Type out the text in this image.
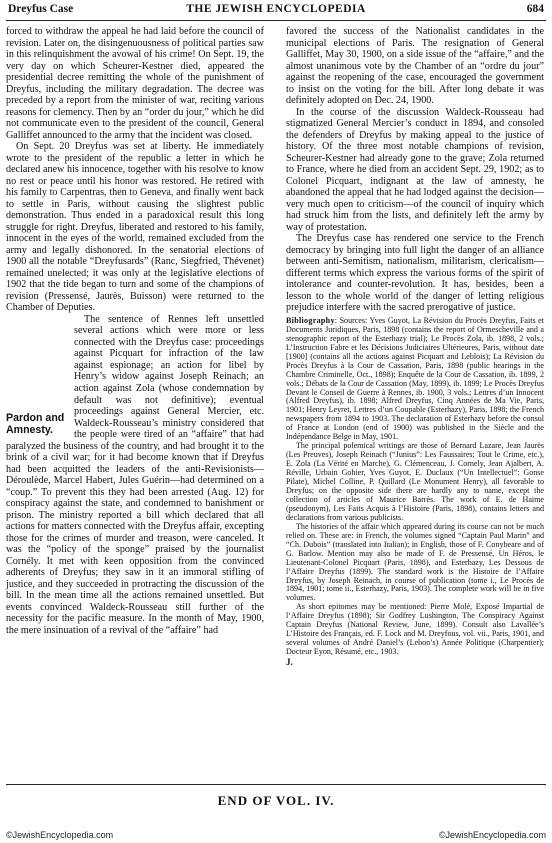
Dreyfus Case	THE JEWISH ENCYCLOPEDIA	684

forced to withdraw the appeal he had laid before the council of revision. Later on, the disingenuousness of political parties saw in this relinquishment the avowal of his crime! On Sept. 19, the very day on which Scheurer-Kestner died, appeared the presidential decree remitting the whole of the punishment of Dreyfus, including the military degradation. The decree was preceded by a report from the minister of war, reciting various reasons for clemency. Then by an “order du jour,” which he did not communicate even to the president of the council, General Galliffet announced to the army that the incident was closed.

On Sept. 20 Dreyfus was set at liberty. He immediately wrote to the president of the republic a letter in which he declared anew his innocence, together with his resolve to know no rest or peace until his honor was restored. He retired with his family to Carpentras, then to Geneva, and finally went back to settle in Paris, without causing the slightest public demonstration. Thus ended in a paradoxical result this long struggle for right. Dreyfus, liberated and restored to his family, innocent in the eyes of the world, remained excluded from the army and legally dishonored. In the senatorial elections of 1900 all the notable “Dreyfusards” (Ranc, Siegfried, Thévenet) remained unelected; it was only at the legislative elections of 1902 that the tide began to turn and some of the champions of revision (Pressensé, Jaurès, Buisson) were returned to the Chamber of Deputies.

Pardon and
Amnesty.

The sentence of Rennes left unsettled several actions which were more or less connected with the Dreyfus case: proceedings against Picquart for infraction of the law against espionage; an action for libel by Henry’s widow against Joseph Reinach; an action against Zola (whose condemnation by default was not definitive); eventual proceedings against General Mercier, etc. Waldeck-Rousseau’s ministry considered that the people were tired of an “affaire” that had paralyzed the business of the country, and had brought it to the brink of a civil war; for it had become known that if Dreyfus had been acquitted the leaders of the anti-Revisionists—Déroulède, Marcel Habert, Jules Guérin—had determined on a “coup.” To prevent this they had been arrested (Aug. 12) for conspiracy against the state, and condemned to banishment or prison. The ministry reported a bill which declared that all actions for matters connected with the Dreyfus affair, excepting those for the crimes of murder and treason, were canceled. It was the “policy of the sponge” praised by the journalist Cornély. It met with keen opposition from the convinced adherents of Dreyfus; they saw in it an immoral stifling of justice, and they succeeded in protracting the discussion of the bill. In the mean time all the actions remained unsettled. But events convinced Waldeck-Rousseau still further of the necessity for the pacific measure. In the month of May, 1900, the mere insinuation of a revival of the “affaire” had

favored the success of the Nationalist candidates in the municipal elections of Paris. The resignation of General Galliffet, May 30, 1900, on a side issue of the “affaire,” and the almost unanimous vote by the Chamber of an “ordre du jour” against the reopening of the case, encouraged the government to insist on the voting for the bill. After long debate it was definitely adopted on Dec. 24, 1900.

In the course of the discussion Waldeck-Rousseau had stigmatized General Mercier’s conduct in 1894, and consoled the defenders of Dreyfus by making appeal to the justice of history. Of the three most notable champions of revision, Scheurer-Kestner had already gone to the grave; Zola returned to France, where he died from an accident Sept. 29, 1902; as to Colonel Picquart, indignant at the law of amnesty, he abandoned the appeal that he had lodged against the decision—very much open to criticism—of the council of inquiry which had struck him from the lists, and definitely left the army by way of protestation.

The Dreyfus case has rendered one service to the French democracy by bringing into full light the danger of an alliance between anti-Semitism, nationalism, militarism, clericalism—different terms which express the various forms of the spirit of intolerance and counter-revolution. It has, besides, been a lesson to the whole world of the danger of letting religious prejudice interfere with the sacred prerogative of justice.

Bibliography: Sources: Yves Guyot, La Révision du Procès Dreyfus, Faits et Documents Juridiques, Paris, 1898 (contains the report of Ormescheville and a stenographic report of the Esterhazy trial); Le Procès Zola, ib. 1898, 2 vols.; L’Instruction Fabre et les Décisions Judiciaires Ultérieures, Paris, without date [1900] (contains all the actions against Picquart and Leblois); La Révision du Procès Dreyfus à la Cour de Cassation, Paris, 1898 (public hearings in the Chambre Criminelle, Oct., 1898); Enquête de la Cour de Cassation, ib. 1899, 2 vols.; Débats de la Cour de Cassation (May, 1899), ib. 1899; Le Procès Dreyfus Devant le Conseil de Guerre à Rennes, ib. 1900, 3 vols.; Lettres d’un Innocent (Alfred Dreyfus), ib. 1898; Alfred Dreyfus, Cinq Années de Ma Vie, Paris, 1901; Henry Leyret, Lettres d’un Coupable (Esterhazy), Paris, 1898; the French newspapers from 1894 to 1903. The declaration of Esterhazy before the consul of France at London (end of 1900) was published in the Siècle and the Indépendance Belge in May, 1901.

The principal polemical writings are those of Bernard Lazare, Jean Jaurès (Les Preuves), Joseph Reinach (“Junius”: Les Faussaires; Tout le Crime, etc.), E. Zola (La Vérité en Marche), G. Clémenceau, J. Cornely, Jean Ajalbert, A. Réville, Urbain Gohier, Yves Guyot, E. Duclaux (“Un Intellectuel”: Gonse Pilate), Michel Colline, P. Quillard (Le Monument Henry), all favorable to Dreyfus; on the opposite side there are hardly any to name, except the collection of articles of Maurice Barrès. The work of E. de Haime (pseudonym), Les Faits Acquis à l’Histoire (Paris, 1898), contains letters and declarations from various publicists.

The histories of the affair which appeared during its course can not be much relied on. These are: in French, the volumes signed “Captain Paul Marin” and “Ch. Dubois” (translated into Italian); in English, those of F. Conybeare and of G. Barlow. Mention may also be made of F. de Pressensé, Un Héros, le Lieutenant-Colonel Picquart (Paris, 1898), and Esterhazy, Les Dessous de l’Affaire Dreyfus (1899). The standard work is the Histoire de l’Affaire Dreyfus, by Joseph Reinach, in course of publication (tome i., Le Procès de 1894, 1901; tome ii., Esterhazy, Paris, 1903). The complete work will be in five volumes.

As short epitomes may be mentioned: Pierre Molé, Exposé Impartial de l’Affaire Dreyfus (1898); Sir Godfrey Lushington, The Conspiracy Against Captain Dreyfus (National Review, June, 1899). Consult also Lavallée’s L’Histoire des Français, ed. F. Lock and M. Dreyfous, vol. vii., Paris, 1901, and several volumes of André Daniel’s (Lebon’s) Année Politique (Charpentier); Docteur Eyon, Résumé, etc., 1903.

J.
END OF VOL. IV.
©JewishEncyclopedia.com	©JewishEncyclopedia.com
